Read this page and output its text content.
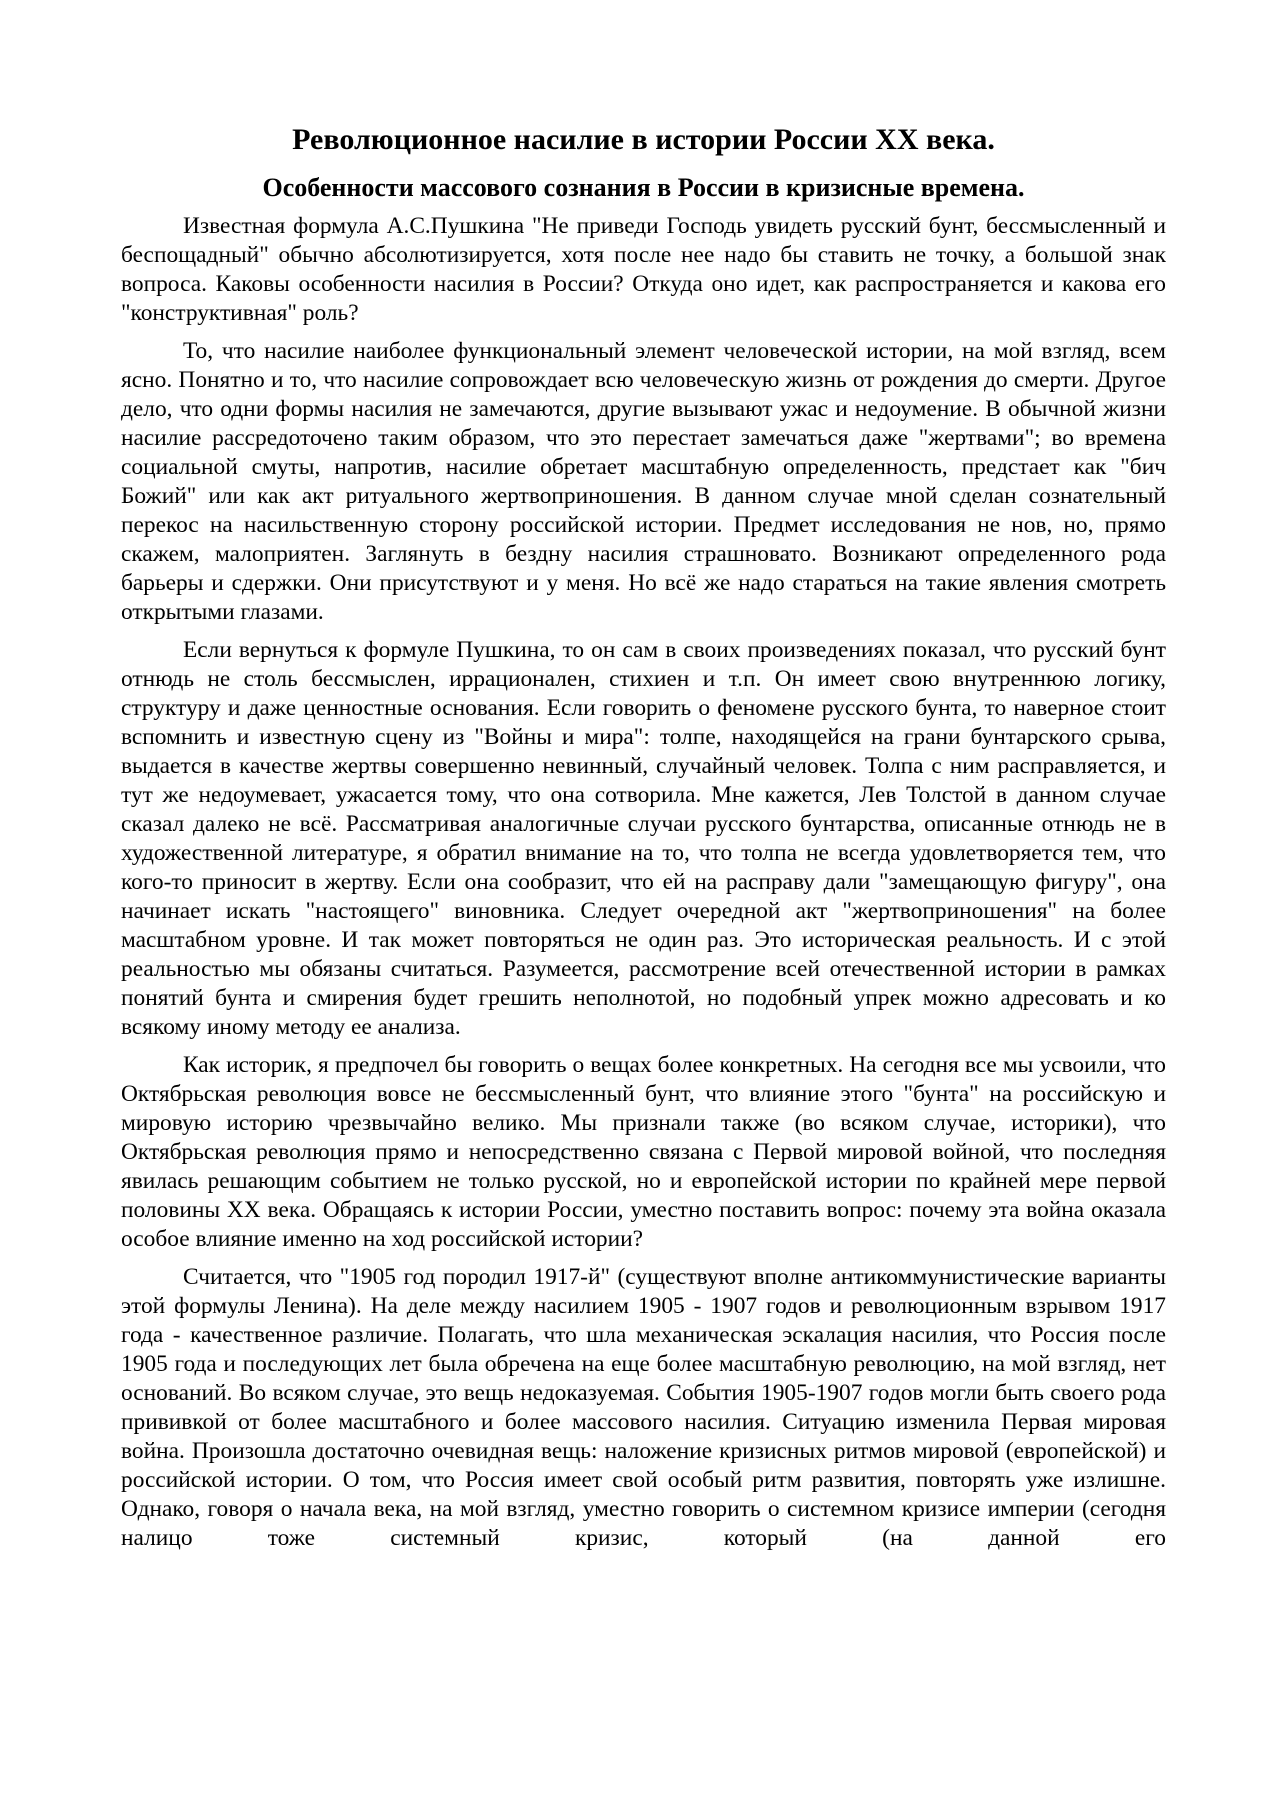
Революционное насилие в истории России XX века.
Особенности массового сознания в России в кризисные времена.

Известная формула А.С.Пушкина "Не приведи Господь увидеть русский бунт, бессмысленный и беспощадный" обычно абсолютизируется, хотя после нее надо бы ставить не точку, а большой знак вопроса. Каковы особенности насилия в России? Откуда оно идет, как распространяется и какова его "конструктивная" роль?

То, что насилие наиболее функциональный элемент человеческой истории, на мой взгляд, всем ясно. Понятно и то, что насилие сопровождает всю человеческую жизнь от рождения до смерти. Другое дело, что одни формы насилия не замечаются, другие вызывают ужас и недоумение. В обычной жизни насилие рассредоточено таким образом, что это перестает замечаться даже "жертвами"; во времена социальной смуты, напротив, насилие обретает масштабную определенность, предстает как "бич Божий" или как акт ритуального жертвоприношения. В данном случае мной сделан сознательный перекос на насильственную сторону российской истории. Предмет исследования не нов, но, прямо скажем, малоприятен. Заглянуть в бездну насилия страшновато. Возникают определенного рода барьеры и сдержки. Они присутствуют и у меня. Но всё же надо стараться на такие явления смотреть открытыми глазами.

Если вернуться к формуле Пушкина, то он сам в своих произведениях показал, что русский бунт отнюдь не столь бессмыслен, иррационален, стихиен и т.п. Он имеет свою внутреннюю логику, структуру и даже ценностные основания. Если говорить о феномене русского бунта, то наверное стоит вспомнить и известную сцену из "Войны и мира": толпе, находящейся на грани бунтарского срыва, выдается в качестве жертвы совершенно невинный, случайный человек. Толпа с ним расправляется, и тут же недоумевает, ужасается тому, что она сотворила. Мне кажется, Лев Толстой в данном случае сказал далеко не всё. Рассматривая аналогичные случаи русского бунтарства, описанные отнюдь не в художественной литературе, я обратил внимание на то, что толпа не всегда удовлетворяется тем, что кого-то приносит в жертву. Если она сообразит, что ей на расправу дали "замещающую фигуру", она начинает искать "настоящего" виновника. Следует очередной акт "жертвоприношения" на более масштабном уровне. И так может повторяться не один раз. Это историческая реальность. И с этой реальностью мы обязаны считаться. Разумеется, рассмотрение всей отечественной истории в рамках понятий бунта и смирения будет грешить неполнотой, но подобный упрек можно адресовать и ко всякому иному методу ее анализа.

Как историк, я предпочел бы говорить о вещах более конкретных. На сегодня все мы усвоили, что Октябрьская революция вовсе не бессмысленный бунт, что влияние этого "бунта" на российскую и мировую историю чрезвычайно велико. Мы признали также (во всяком случае, историки), что Октябрьская революция прямо и непосредственно связана с Первой мировой войной, что последняя явилась решающим событием не только русской, но и европейской истории по крайней мере первой половины XX века. Обращаясь к истории России, уместно поставить вопрос: почему эта война оказала особое влияние именно на ход российской истории?

Считается, что "1905 год породил 1917-й" (существуют вполне антикоммунистические варианты этой формулы Ленина). На деле между насилием 1905 - 1907 годов и революционным взрывом 1917 года - качественное различие. Полагать, что шла механическая эскалация насилия, что Россия после 1905 года и последующих лет была обречена на еще более масштабную революцию, на мой взгляд, нет оснований. Во всяком случае, это вещь недоказуемая. События 1905-1907 годов могли быть своего рода прививкой от более масштабного и более массового насилия. Ситуацию изменила Первая мировая война. Произошла достаточно очевидная вещь: наложение кризисных ритмов мировой (европейской) и российской истории. О том, что Россия имеет свой особый ритм развития, повторять уже излишне. Однако, говоря о начала века, на мой взгляд, уместно говорить о системном кризисе империи (сегодня налицо тоже системный кризис, который (на данной его
